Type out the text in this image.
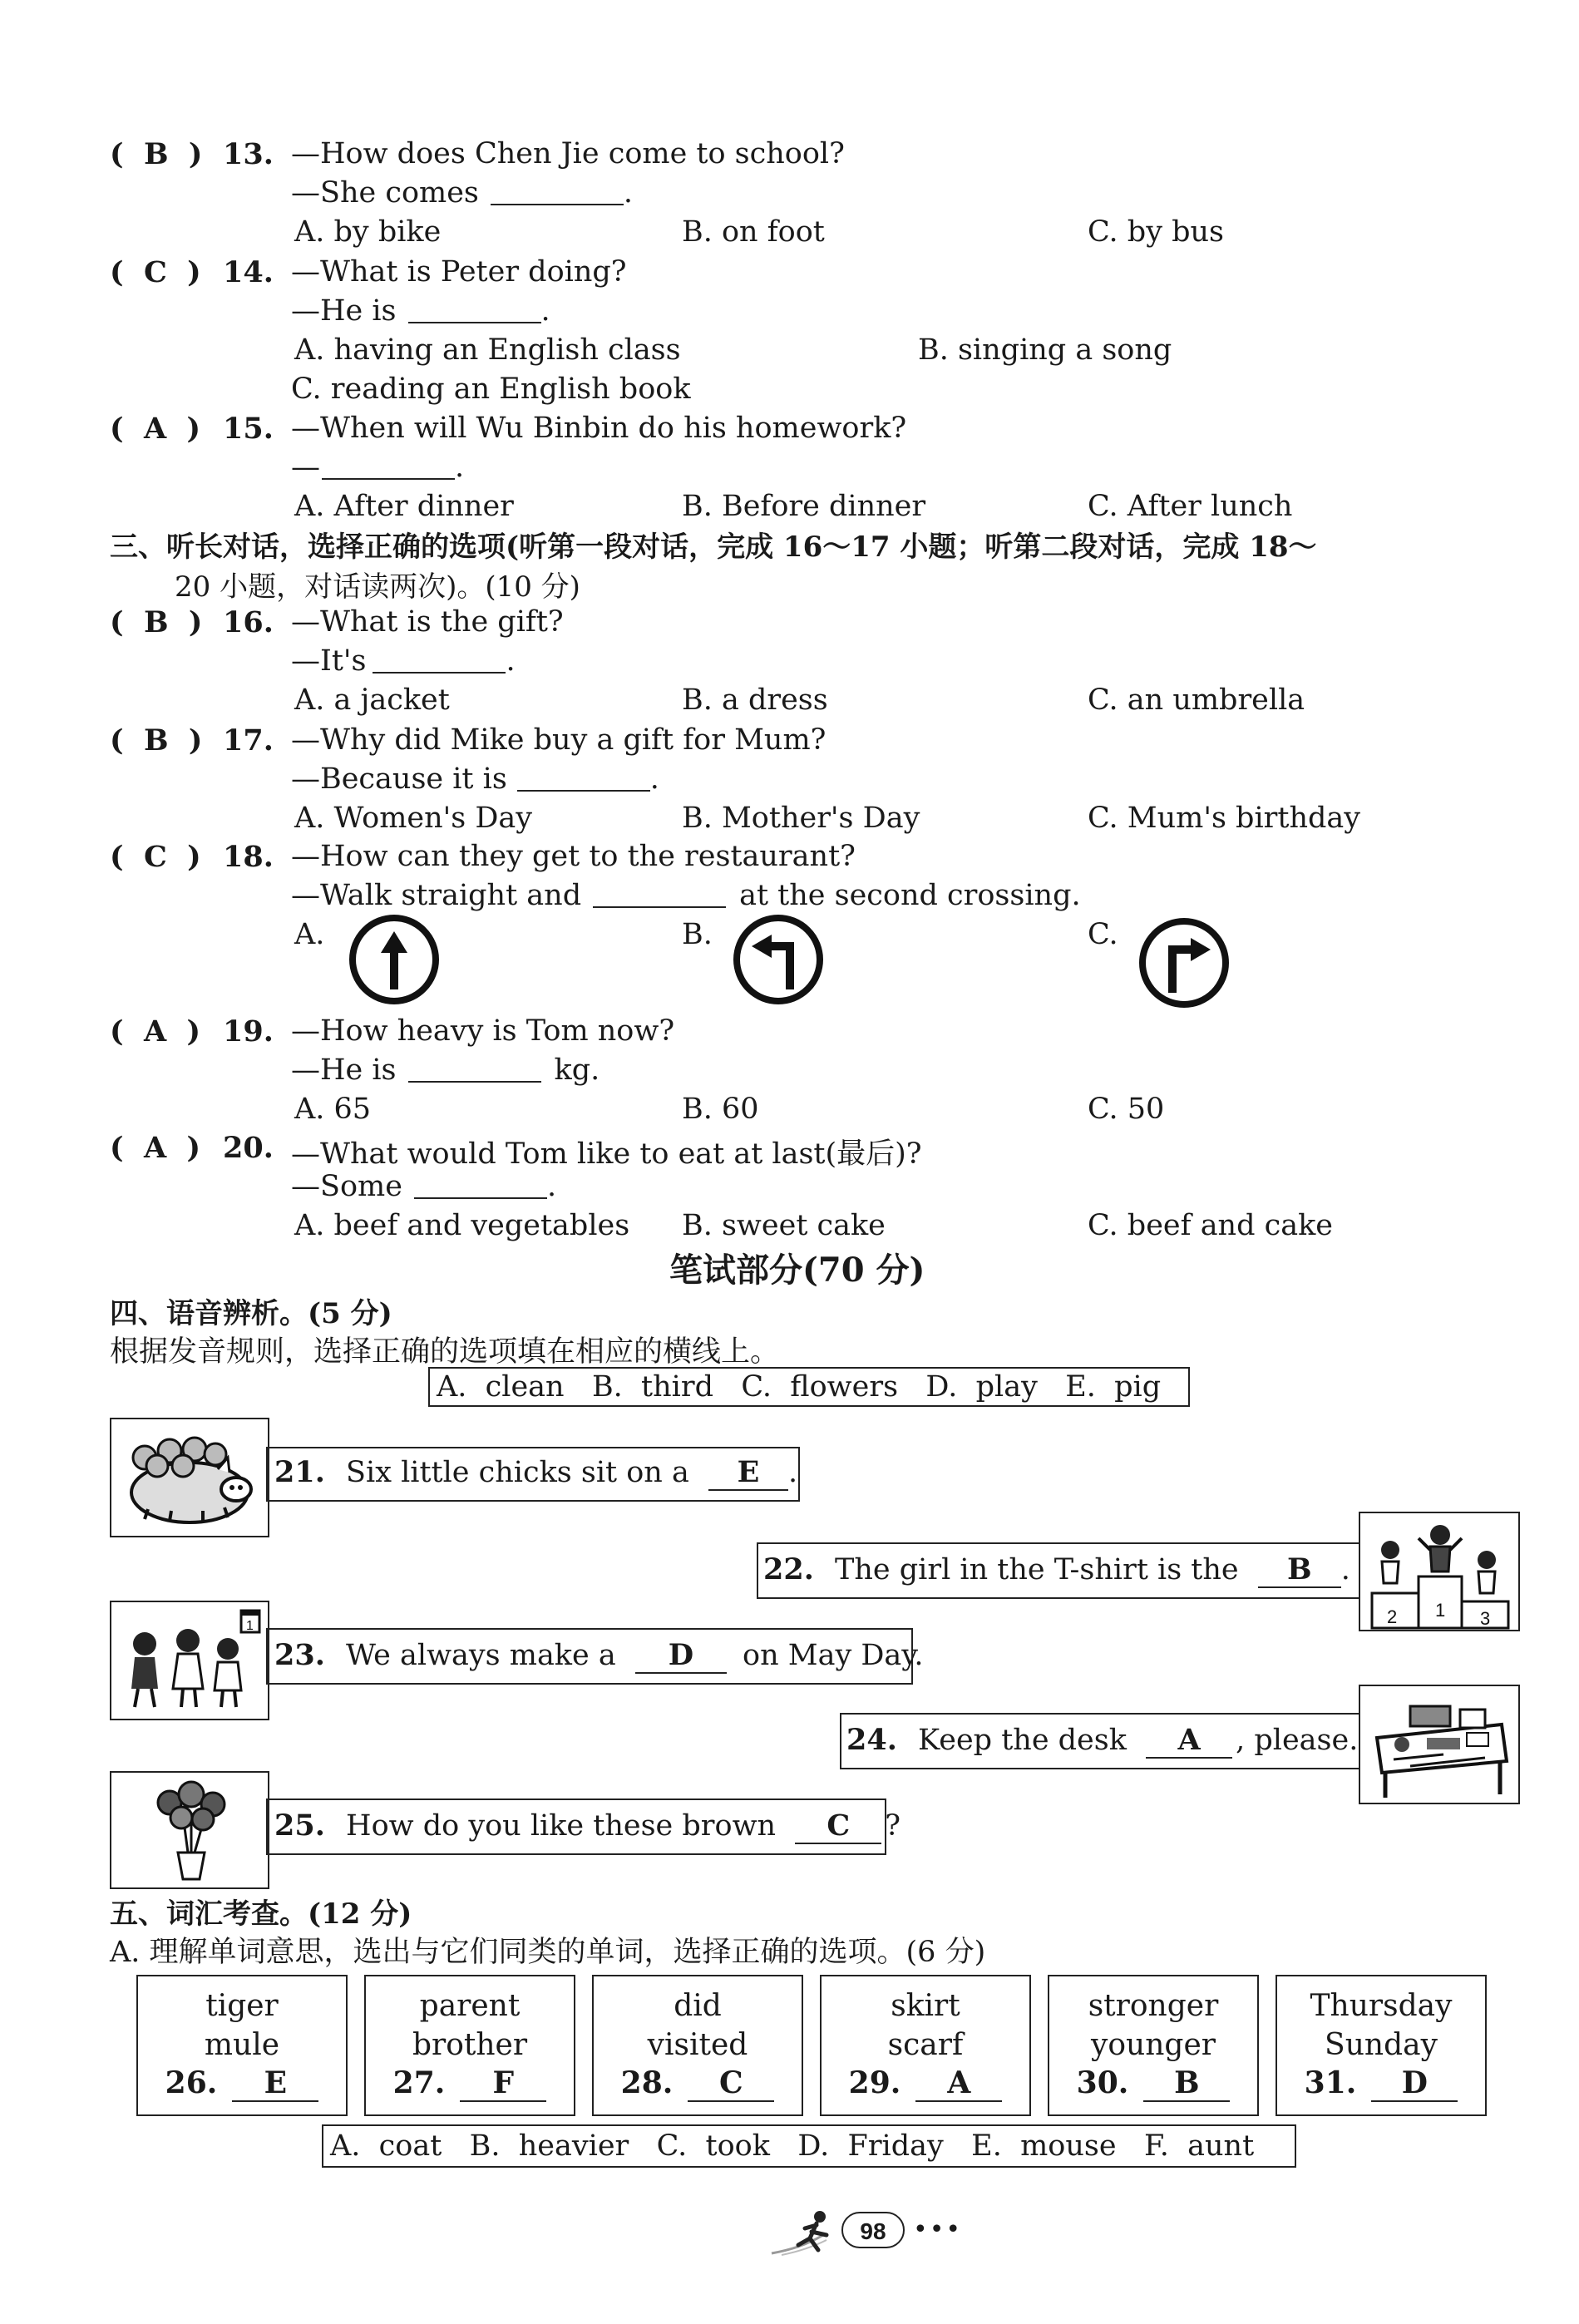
(  B  ) 13. —How does Chen Jie come to school?
—She comes	.
A. by bike	B. on foot	C. by bus
(  C  ) 14. —What is Peter doing?
—He is	.
A. having an English class	B. singing a song
C. reading an English book
(  A  ) 15. —When will Wu Binbin do his homework?
—	.
A. After dinner	B. Before dinner	C. After lunch
三、听长对话，选择正确的选项(听第一段对话，完成 16～17 小题；听第二段对话，完成 18～
20 小题，对话读两次)。(10 分)
(  B  ) 16. —What is the gift?
—It's	.
A. a jacket	B. a dress	C. an umbrella
(  B  ) 17. —Why did Mike buy a gift for Mum?
—Because it is	.
A. Women's Day	B. Mother's Day	C. Mum's birthday
(  C  ) 18. —How can they get to the restaurant?
—Walk straight and	at the second crossing.
A.	B.	C.
(  A  ) 19. —How heavy is Tom now?
—He is	kg.
A. 65	B. 60	C. 50
(  A  ) 20. —What would Tom like to eat at last(最后)?
—Some	.
A. beef and vegetables B. sweet cake	C. beef and cake
笔试部分(70 分)
四、语音辨析。(5 分)
根据发音规则，选择正确的选项填在相应的横线上。
A.  clean   B.  third   C.  flowers   D.  play   E.  pig
21. Six little chicks sit on a E .
22. The girl in the T-shirt is the B .
2 1 3
1
23. We always make a D on May Day.
24. Keep the desk A , please.
25. How do you like these brown C ?
五、词汇考查。(12 分)
A. 理解单词意思，选出与它们同类的单词，选择正确的选项。(6 分)
tiger
mule
26. E
parent
brother
27. F
did
visited
28. C
skirt
scarf
29. A
stronger
younger
30. B
Thursday
Sunday
31. D
A.  coat   B.  heavier   C.  took   D.  Friday   E.  mouse   F.  aunt
98	•••
